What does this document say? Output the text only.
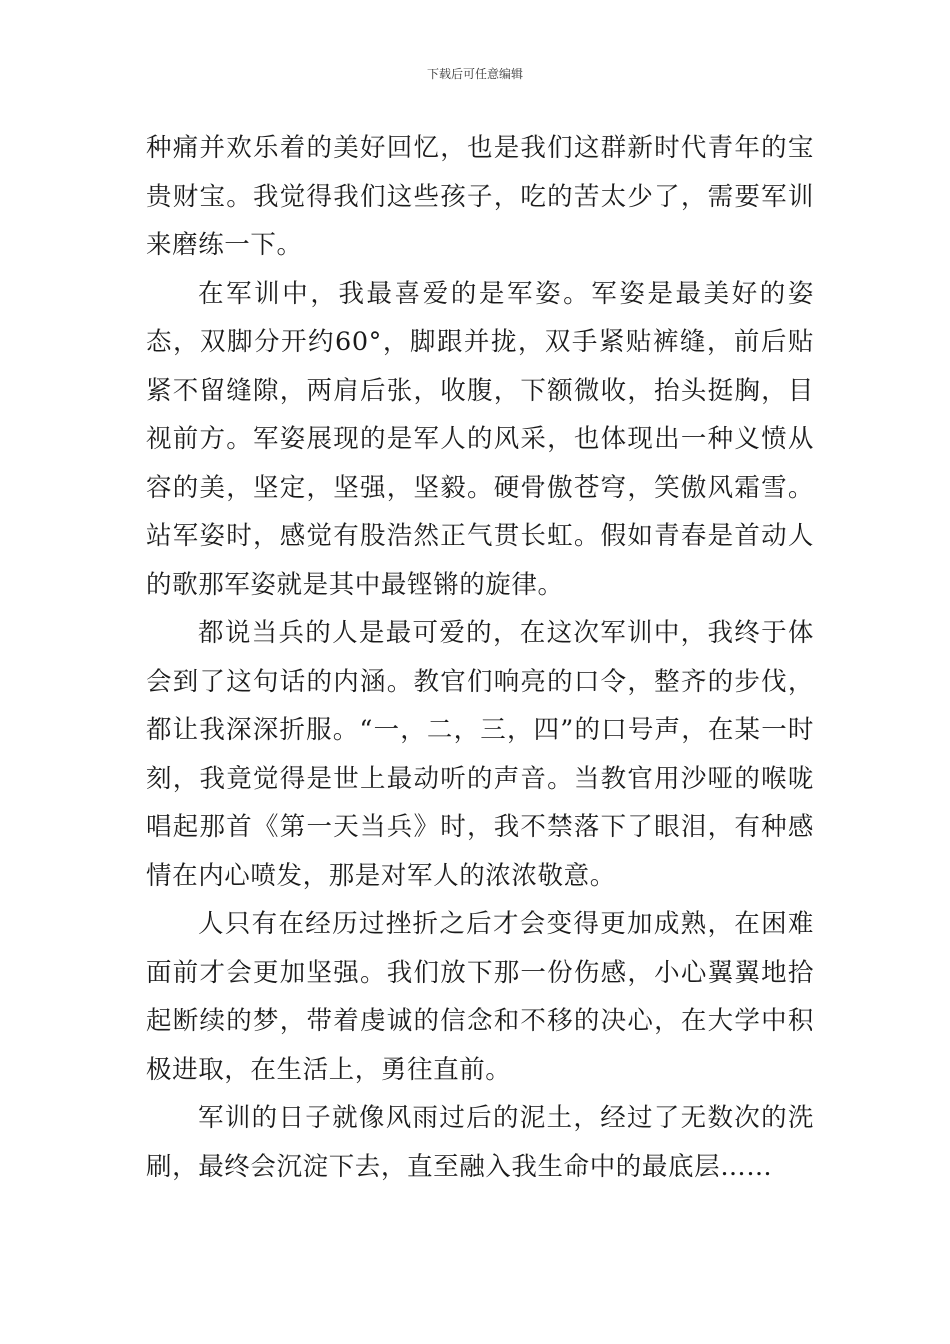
下载后可任意编辑

种痛并欢乐着的美好回忆，也是我们这群新时代青年的宝贵财宝。我觉得我们这些孩子，吃的苦太少了，需要军训来磨练一下。

在军训中，我最喜爱的是军姿。军姿是最美好的姿态，双脚分开约60°，脚跟并拢，双手紧贴裤缝，前后贴紧不留缝隙，两肩后张，收腹，下额微收，抬头挺胸，目视前方。军姿展现的是军人的风采，也体现出一种义愤从容的美，坚定，坚强，坚毅。硬骨傲苍穹，笑傲风霜雪。站军姿时，感觉有股浩然正气贯长虹。假如青春是首动人的歌那军姿就是其中最铿锵的旋律。

都说当兵的人是最可爱的，在这次军训中，我终于体会到了这句话的内涵。教官们响亮的口令，整齐的步伐，都让我深深折服。“一，二，三，四”的口号声，在某一时刻，我竟觉得是世上最动听的声音。当教官用沙哑的喉咙唱起那首《第一天当兵》时，我不禁落下了眼泪，有种感情在内心喷发，那是对军人的浓浓敬意。

人只有在经历过挫折之后才会变得更加成熟，在困难面前才会更加坚强。我们放下那一份伤感，小心翼翼地拾起断续的梦，带着虔诚的信念和不移的决心，在大学中积极进取，在生活上，勇往直前。

军训的日子就像风雨过后的泥土，经过了无数次的洗刷，最终会沉淀下去，直至融入我生命中的最底层……
